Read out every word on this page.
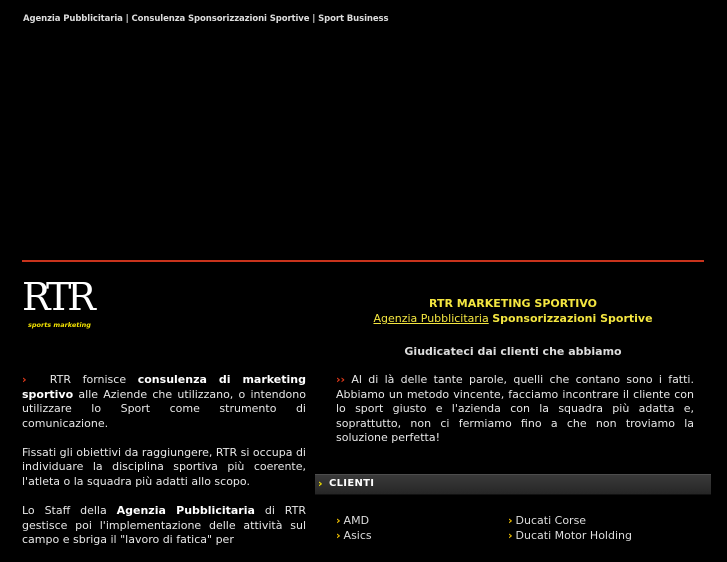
Agenzia Pubblicitaria | Consulenza Sponsorizzazioni Sportive | Sport Business
RTR
sports marketing
RTR MARKETING SPORTIVO
Agenzia Pubblicitaria Sponsorizzazioni Sportive
Giudicateci dai clienti che abbiamo

› RTR fornisce consulenza di marketing sportivo alle Aziende che utilizzano, o intendono utilizzare lo Sport come strumento di comunicazione.

Fissati gli obiettivi da raggiungere, RTR si occupa di individuare la disciplina sportiva più coerente, l'atleta o la squadra più adatti allo scopo.

Lo Staff della Agenzia Pubblicitaria di RTR gestisce poi l'implementazione delle attività sul campo e sbriga il "lavoro di fatica" per

›› Al di là delle tante parole, quelli che contano sono i fatti. Abbiamo un metodo vincente, facciamo incontrare il cliente con lo sport giusto e l'azienda con la squadra più adatta e, soprattutto, non ci fermiamo fino a che non troviamo la soluzione perfetta!
› CLIENTI
› AMD
› Asics
› Ducati Corse
› Ducati Motor Holding
